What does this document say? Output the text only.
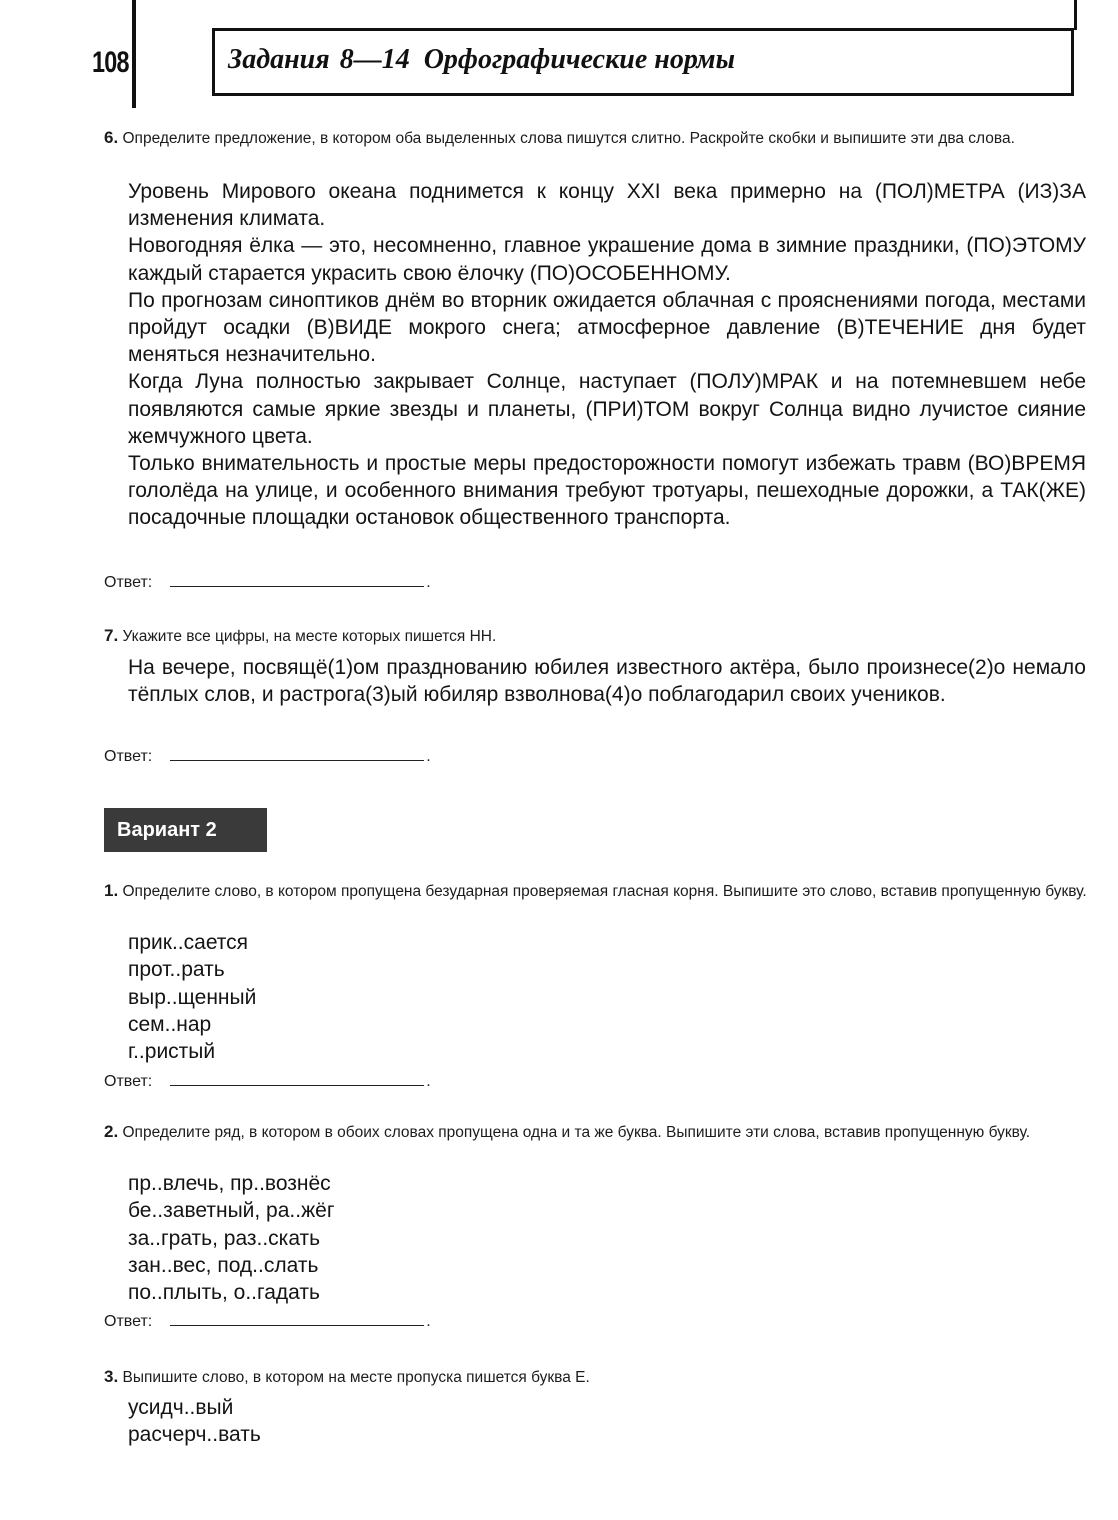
108	Задания 8—14 Орфографические нормы
6. Определите предложение, в котором оба выделенных слова пишутся слитно. Раскройте скобки и выпишите эти два слова.

Уровень Мирового океана поднимется к концу XXI века примерно на (ПОЛ)МЕТРА (ИЗ)ЗА изменения климата.

Новогодняя ёлка — это, несомненно, главное украшение дома в зимние праздники, (ПО)ЭТОМУ каждый старается украсить свою ёлочку (ПО)ОСОБЕННОМУ.

По прогнозам синоптиков днём во вторник ожидается облачная с прояснениями погода, местами пройдут осадки (В)ВИДЕ мокрого снега; атмосферное давление (В)ТЕЧЕНИЕ дня будет меняться незначительно.

Когда Луна полностью закрывает Солнце, наступает (ПОЛУ)МРАК и на потемневшем небе появляются самые яркие звезды и планеты, (ПРИ)ТОМ вокруг Солнца видно лучистое сияние жемчужного цвета.

Только внимательность и простые меры предосторожности помогут избежать травм (ВО)ВРЕМЯ гололёда на улице, и особенного внимания требуют тротуары, пешеходные дорожки, а ТАК(ЖЕ) посадочные площадки остановок общественного транспорта.

Ответ:	.
7. Укажите все цифры, на месте которых пишется НН.

На вечере, посвящё(1)ом празднованию юбилея известного актёра, было произнесе(2)о немало тёплых слов, и растрога(3)ый юбиляр взволнова(4)о поблагодарил своих учеников.

Ответ:	.
Вариант 2
1. Определите слово, в котором пропущена безударная проверяемая гласная корня. Выпишите это слово, вставив пропущенную букву.
прик..сается
прот..рать
выр..щенный
сем..нар
г..ристый
Ответ:	.
2. Определите ряд, в котором в обоих словах пропущена одна и та же буква. Выпишите эти слова, вставив пропущенную букву.
пр..влечь, пр..вознёс
бе..заветный, ра..жёг
за..грать, раз..скать
зан..вес, под..слать
по..плыть, о..гадать
Ответ:	.
3. Выпишите слово, в котором на месте пропуска пишется буква Е.
усидч..вый
расчерч..вать
